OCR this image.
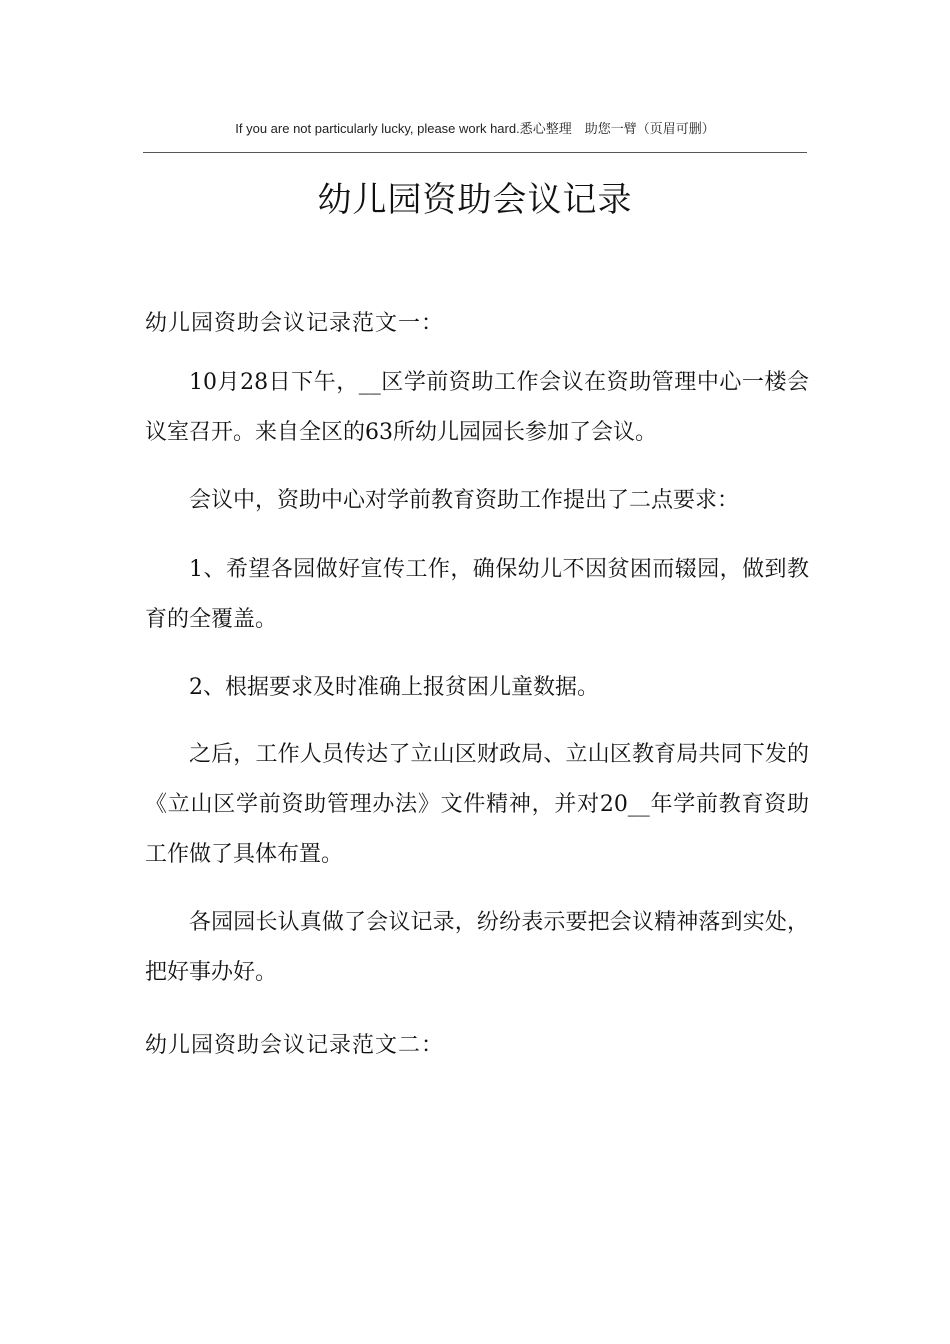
If you are not particularly lucky, please work hard.悉心整理　助您一臂（页眉可删）
幼儿园资助会议记录
幼儿园资助会议记录范文一：
10月28日下午，__区学前资助工作会议在资助管理中心一楼会议室召开。来自全区的63所幼儿园园长参加了会议。
会议中，资助中心对学前教育资助工作提出了二点要求：
1、希望各园做好宣传工作，确保幼儿不因贫困而辍园，做到教育的全覆盖。
2、根据要求及时准确上报贫困儿童数据。
之后，工作人员传达了立山区财政局、立山区教育局共同下发的《立山区学前资助管理办法》文件精神，并对20__年学前教育资助工作做了具体布置。
各园园长认真做了会议记录，纷纷表示要把会议精神落到实处，把好事办好。
幼儿园资助会议记录范文二：
